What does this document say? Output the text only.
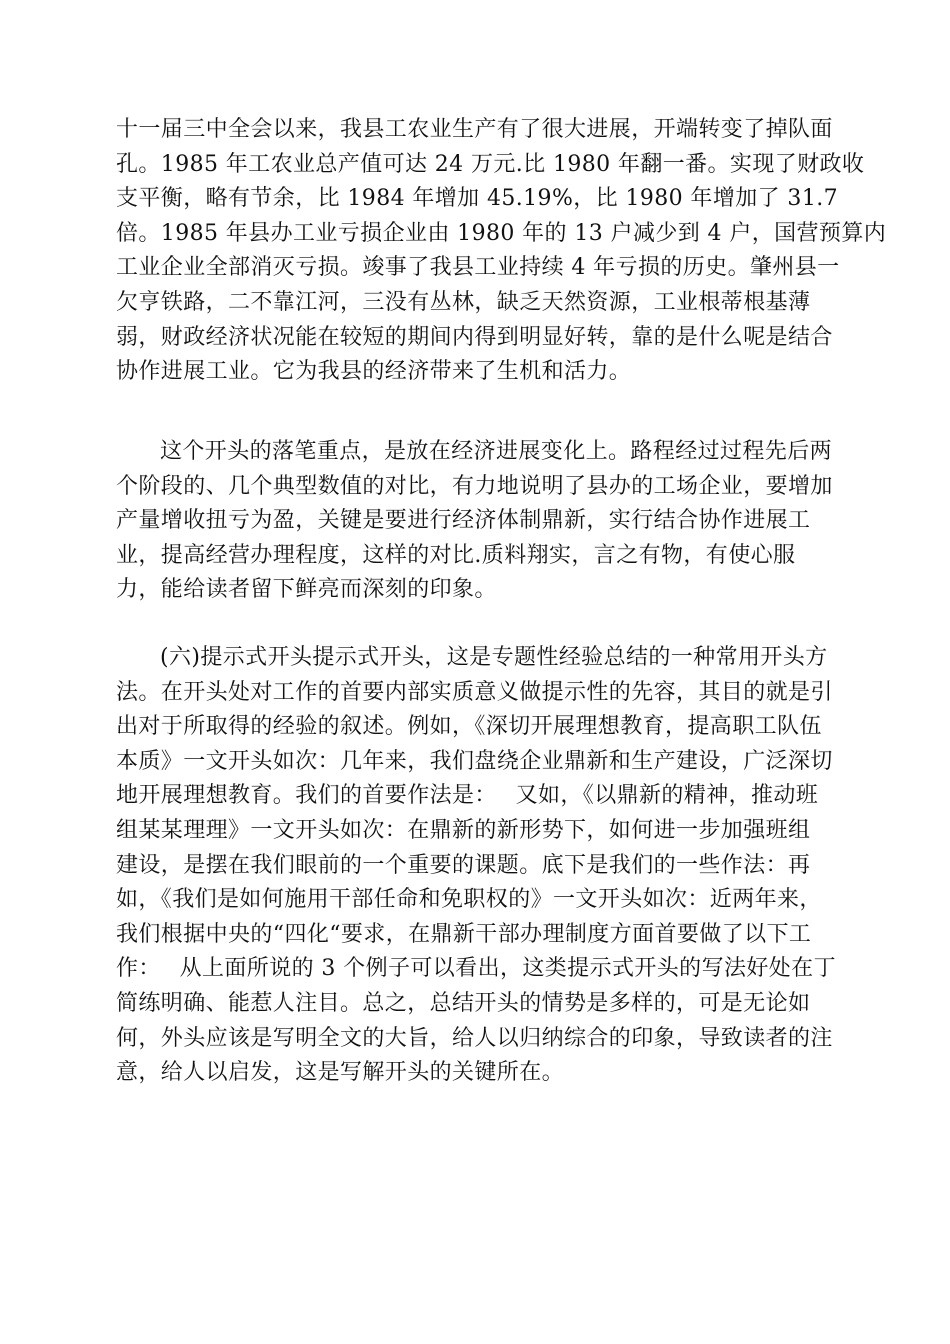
十一届三中全会以来，我县工农业生产有了很大进展，开端转变了掉队面
孔。1985 年工农业总产值可达 24 万元.比 1980 年翻一番。实现了财政收
支平衡，略有节余，比 1984 年增加 45.19%，比 1980 年增加了 31.7
倍。1985 年县办工业亏损企业由 1980 年的 13 户减少到 4 户，国营预算内
工业企业全部消灭亏损。竣事了我县工业持续 4 年亏损的历史。肇州县一
欠亨铁路，二不靠江河，三没有丛林，缺乏天然资源，工业根蒂根基薄
弱，财政经济状况能在较短的期间内得到明显好转，靠的是什么呢是结合
协作进展工业。它为我县的经济带来了生机和活力。
这个开头的落笔重点，是放在经济进展变化上。路程经过过程先后两
个阶段的、几个典型数值的对比，有力地说明了县办的工场企业，要增加
产量增收扭亏为盈，关键是要进行经济体制鼎新，实行结合协作进展工
业，提高经营办理程度，这样的对比.质料翔实，言之有物，有使心服
力，能给读者留下鲜亮而深刻的印象。
(六)提示式开头提示式开头，这是专题性经验总结的一种常用开头方
法。在开头处对工作的首要内部实质意义做提示性的先容，其目的就是引
出对于所取得的经验的叙述。例如，《深切开展理想教育，提高职工队伍
本质》一文开头如次：几年来，我们盘绕企业鼎新和生产建设，广泛深切
地开展理想教育。我们的首要作法是：　 又如，《以鼎新的精神，推动班
组某某理理》一文开头如次：在鼎新的新形势下，如何进一步加强班组
建设，是摆在我们眼前的一个重要的课题。底下是我们的一些作法：再
如，《我们是如何施用干部任命和免职权的》一文开头如次：近两年来，
我们根据中央的“四化“要求，在鼎新干部办理制度方面首要做了以下工
作：　 从上面所说的 3 个例子可以看出，这类提示式开头的写法好处在丁
简练明确、能惹人注目。总之，总结开头的情势是多样的，可是无论如
何，外头应该是写明全文的大旨，给人以归纳综合的印象，导致读者的注
意，给人以启发，这是写解开头的关键所在。
